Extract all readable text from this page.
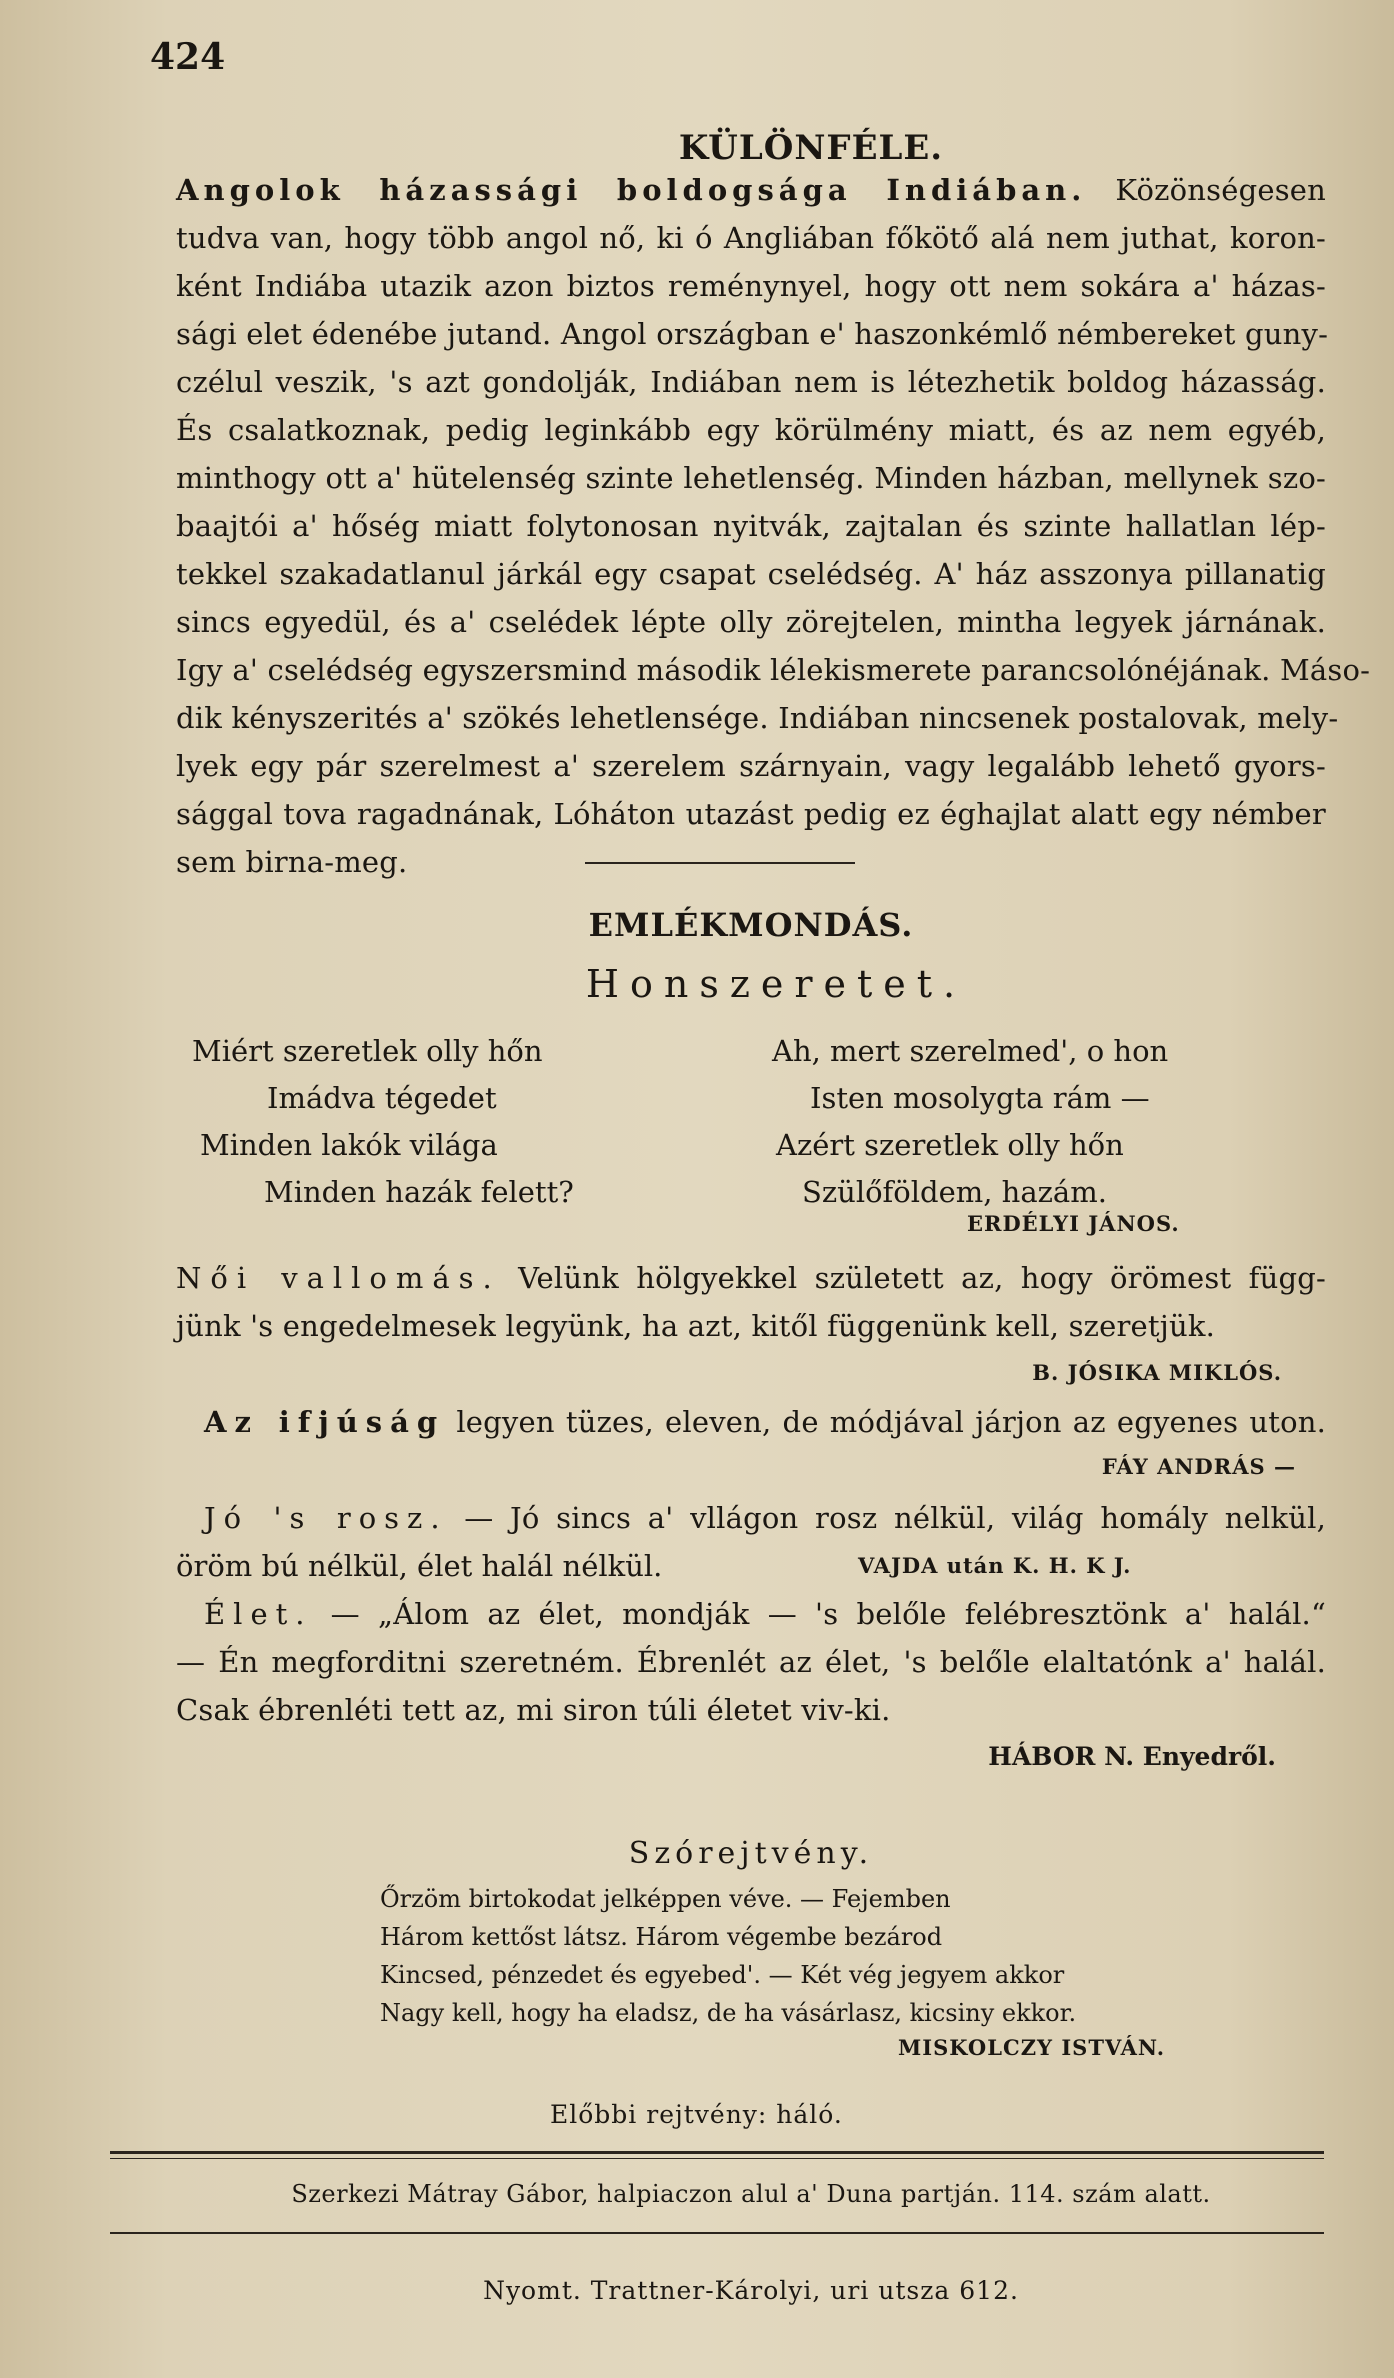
424
KÜLÖNFÉLE.
Angolok házassági boldogsága Indiában. Közönségesen
tudva van, hogy több angol nő, ki ó Angliában főkötő alá nem juthat, koron-
ként Indiába utazik azon biztos reménynyel, hogy ott nem sokára a' házas-
sági elet édenébe jutand. Angol országban e' haszonkémlő némbereket guny-
czélul veszik, 's azt gondolják, Indiában nem is létezhetik boldog házasság.
És csalatkoznak, pedig leginkább egy körülmény miatt, és az nem egyéb,
minthogy ott a' hütelenség szinte lehetlenség. Minden házban, mellynek szo-
baajtói a' hőség miatt folytonosan nyitvák, zajtalan és szinte hallatlan lép-
tekkel szakadatlanul járkál egy csapat cselédség. A' ház asszonya pillanatig
sincs egyedül, és a' cselédek lépte olly zörejtelen, mintha legyek járnának.
Igy a' cselédség egyszersmind második lélekismerete parancsolónéjának. Máso-
dik kényszerités a' szökés lehetlensége. Indiában nincsenek postalovak, mely-
lyek egy pár szerelmest a' szerelem szárnyain, vagy legalább lehető gyors-
sággal tova ragadnának, Lóháton utazást pedig ez éghajlat alatt egy némber
sem birna-meg.
EMLÉKMONDÁS.
Honszeretet.
Miért szeretlek olly hőn
Imádva tégedet
Minden lakók világa
Minden hazák felett?
Ah, mert szerelmed', o hon
Isten mosolygta rám —
Azért szeretlek olly hőn
Szülőföldem, hazám.
ERDÉLYI JÁNOS.
Női vallomás. Velünk hölgyekkel született az, hogy örömest függ-
jünk 's engedelmesek legyünk, ha azt, kitől függenünk kell, szeretjük.
B. JÓSIKA MIKLÓS.
Az ifjúság legyen tüzes, eleven, de módjával járjon az egyenes uton.
FÁY ANDRÁS —
Jó 's rosz. — Jó sincs a' vllágon rosz nélkül, világ homály nelkül,
öröm bú nélkül, élet halál nélkül.	VAJDA után K. H. K J.
Élet. — „Álom az élet, mondják — 's belőle felébresztönk a' halál.“
— Én megforditni szeretném. Ébrenlét az élet, 's belőle elaltatónk a' halál.
Csak ébrenléti tett az, mi siron túli életet viv-ki.
HÁBOR N. Enyedről.
Szórejtvény.
Őrzöm birtokodat jelképpen véve. — Fejemben
Három kettőst látsz. Három végembe bezárod
Kincsed, pénzedet és egyebed'. — Két vég jegyem akkor
Nagy kell, hogy ha eladsz, de ha vásárlasz, kicsiny ekkor.
MISKOLCZY ISTVÁN.
Előbbi rejtvény: háló.
Szerkezi Mátray Gábor, halpiaczon alul a' Duna partján. 114. szám alatt.
Nyomt. Trattner-Károlyi, uri utsza 612.
